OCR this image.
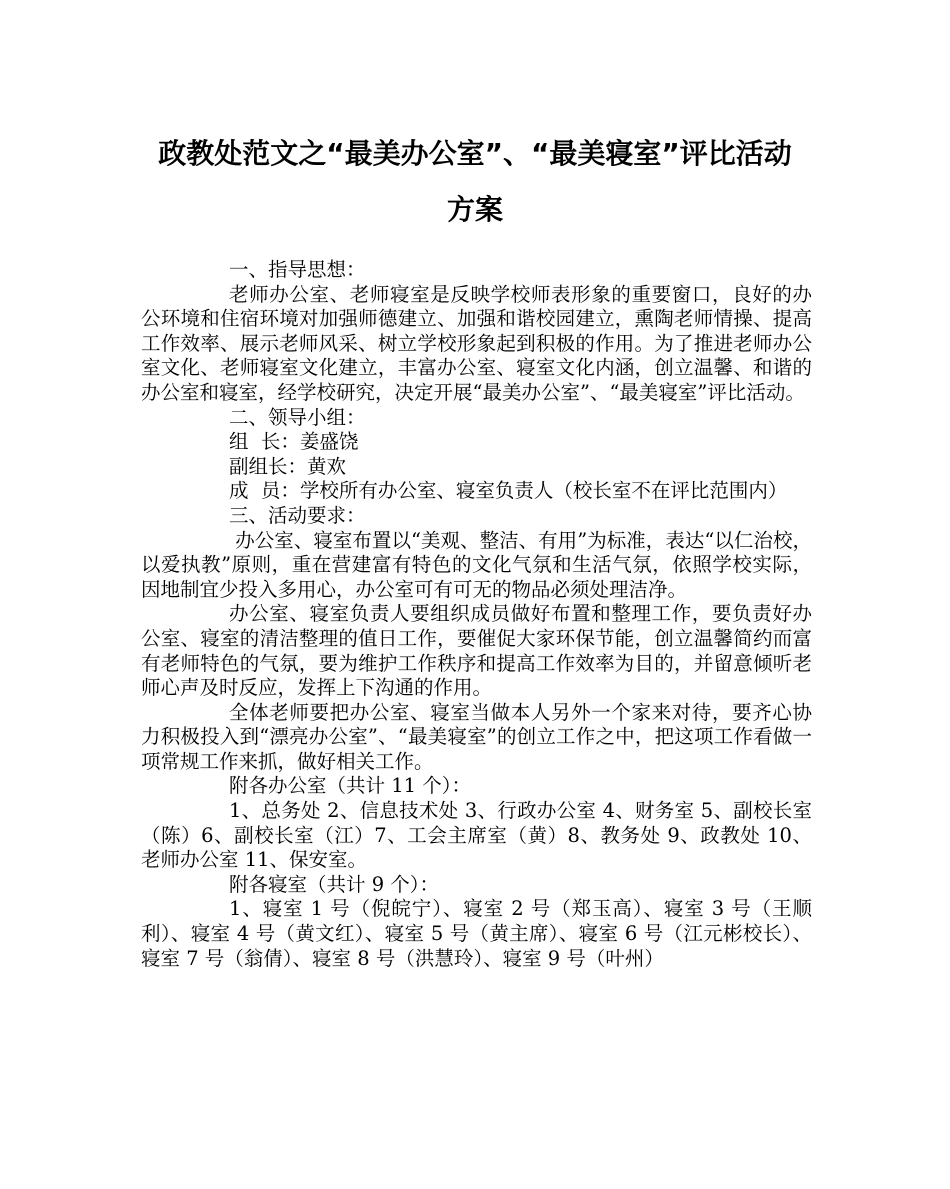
政教处范文之“最美办公室”、“最美寝室”评比活动
方案

一、指导思想：

老师办公室、老师寝室是反映学校师表形象的重要窗口，良好的办公环境和住宿环境对加强师德建立、加强和谐校园建立，熏陶老师情操、提高工作效率、展示老师风采、树立学校形象起到积极的作用。为了推进老师办公室文化、老师寝室文化建立，丰富办公室、寝室文化内涵，创立温馨、和谐的办公室和寝室，经学校研究，决定开展“最美办公室”、“最美寝室”评比活动。

二、领导小组：

组  长：姜盛饶

副组长：黄欢

成  员：学校所有办公室、寝室负责人（校长室不在评比范围内）

三、活动要求：

办公室、寝室布置以“美观、整洁、有用”为标准，表达“以仁治校，以爱执教”原则，重在营建富有特色的文化气氛和生活气氛，依照学校实际，因地制宜少投入多用心，办公室可有可无的物品必须处理洁净。

办公室、寝室负责人要组织成员做好布置和整理工作，要负责好办公室、寝室的清洁整理的值日工作，要催促大家环保节能，创立温馨简约而富有老师特色的气氛，要为维护工作秩序和提高工作效率为目的，并留意倾听老师心声及时反应，发挥上下沟通的作用。

全体老师要把办公室、寝室当做本人另外一个家来对待，要齐心协力积极投入到“漂亮办公室”、“最美寝室”的创立工作之中，把这项工作看做一项常规工作来抓，做好相关工作。

附各办公室（共计 11 个）：

1、总务处 2、信息技术处 3、行政办公室 4、财务室 5、副校长室（陈）6、副校长室（江）7、工会主席室（黄）8、教务处 9、政教处 10、老师办公室 11、保安室。

附各寝室（共计 9 个）：

1、寝室 1 号（倪皖宁）、寝室 2 号（郑玉高）、寝室 3 号（王顺利）、寝室 4 号（黄文红）、寝室 5 号（黄主席）、寝室 6 号（江元彬校长）、寝室 7 号（翁倩）、寝室 8 号（洪慧玲）、寝室 9 号（叶州）
